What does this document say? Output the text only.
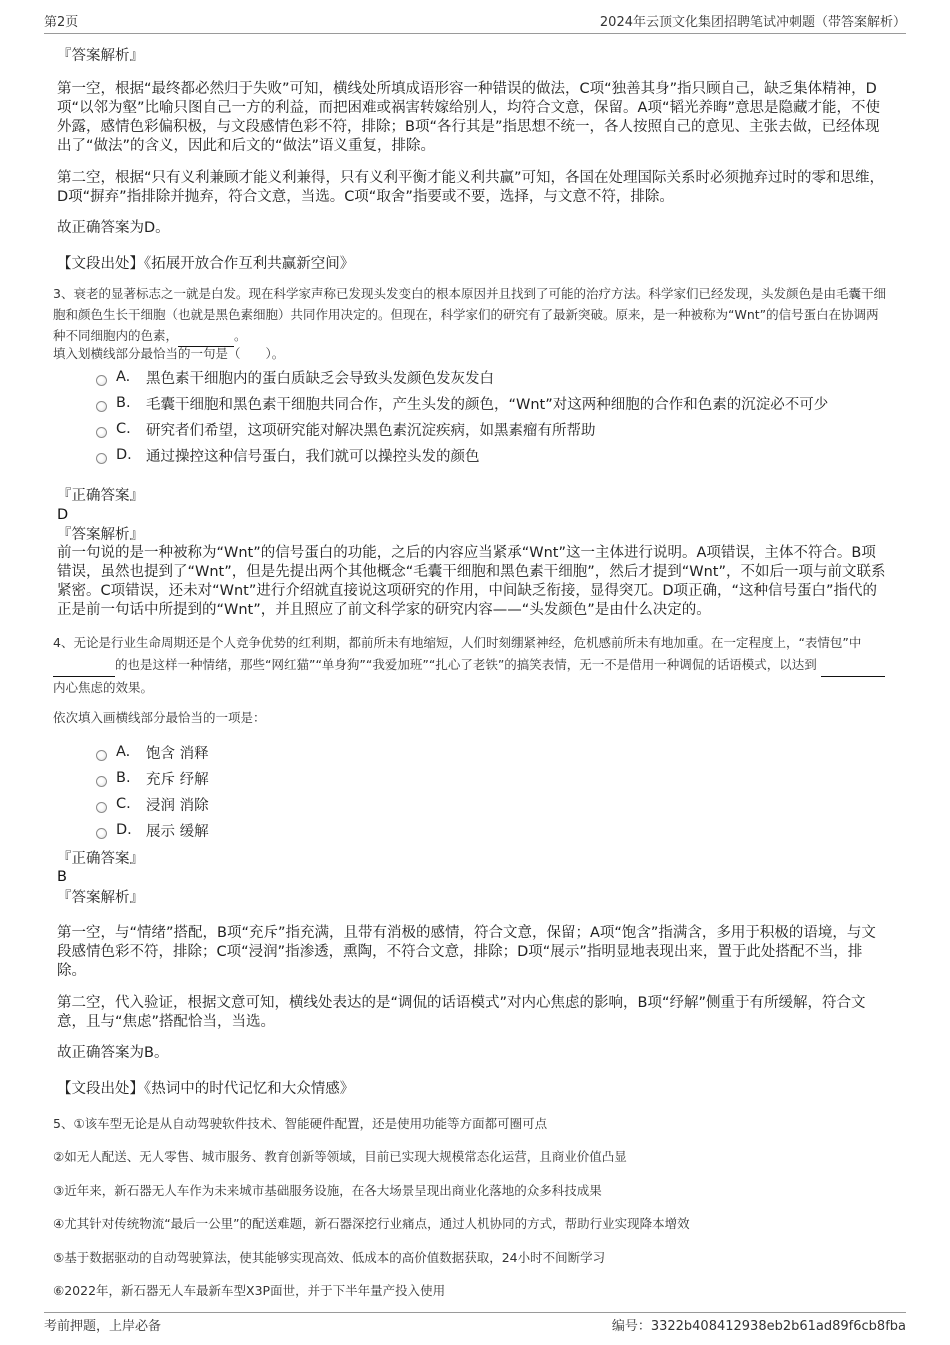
第2页	2024年云顶文化集团招聘笔试冲刺题（带答案解析）
『答案解析』
第一空，根据“最终都必然归于失败”可知，横线处所填成语形容一种错误的做法，C项“独善其身”指只顾自己，缺乏集体精神，D项“以邻为壑”比喻只图自己一方的利益，而把困难或祸害转嫁给别人，均符合文意，保留。A项“韬光养晦”意思是隐藏才能，不使外露，感情色彩偏积极，与文段感情色彩不符，排除；B项“各行其是”指思想不统一，各人按照自己的意见、主张去做，已经体现出了“做法”的含义，因此和后文的“做法”语义重复，排除。
第二空，根据“只有义利兼顾才能义利兼得，只有义利平衡才能义利共赢”可知，各国在处理国际关系时必须抛弃过时的零和思维，D项“摒弃”指排除并抛弃，符合文意，当选。C项“取舍”指要或不要，选择，与文意不符，排除。
故正确答案为D。
【文段出处】《拓展开放合作互利共赢新空间》
3、衰老的显著标志之一就是白发。现在科学家声称已发现头发变白的根本原因并且找到了可能的治疗方法。科学家们已经发现，头发颜色是由毛囊干细胞和颜色生长干细胞（也就是黑色素细胞）共同作用决定的。但现在，科学家们的研究有了最新突破。原来，是一种被称为“Wnt”的信号蛋白在协调两种不同细胞内的色素，	。
填入划横线部分最恰当的一句是（　　）。
A.	黑色素干细胞内的蛋白质缺乏会导致头发颜色发灰发白
B.	毛囊干细胞和黑色素干细胞共同合作，产生头发的颜色，“Wnt”对这两种细胞的合作和色素的沉淀必不可少
C.	研究者们希望，这项研究能对解决黑色素沉淀疾病，如黑素瘤有所帮助
D. 通过操控这种信号蛋白，我们就可以操控头发的颜色
『正确答案』
D
『答案解析』
前一句说的是一种被称为“Wnt”的信号蛋白的功能，之后的内容应当紧承“Wnt”这一主体进行说明。A项错误，主体不符合。B项错误，虽然也提到了“Wnt”，但是先提出两个其他概念“毛囊干细胞和黑色素干细胞”，然后才提到“Wnt”，不如后一项与前文联系紧密。C项错误，还未对“Wnt”进行介绍就直接说这项研究的作用，中间缺乏衔接，显得突兀。D项正确，“这种信号蛋白”指代的正是前一句话中所提到的“Wnt”，并且照应了前文科学家的研究内容——“头发颜色”是由什么决定的。
4、无论是行业生命周期还是个人竞争优势的红利期，都前所未有地缩短，人们时刻绷紧神经，危机感前所未有地加重。在一定程度上，“表情包”中  的也是这样一种情绪，那些“网红猫”“单身狗”“我爱加班”“扎心了老铁”的搞笑表情，无一不是借用一种调侃的话语模式，以达到  内心焦虑的效果。
依次填入画横线部分最恰当的一项是：
A.	饱含 消释
B.	充斥 纾解
C.	浸润 消除
D. 展示 缓解
『正确答案』
B
『答案解析』
第一空，与“情绪”搭配，B项“充斥”指充满，且带有消极的感情，符合文意，保留；A项“饱含”指满含，多用于积极的语境，与文段感情色彩不符，排除；C项“浸润”指渗透，熏陶，不符合文意，排除；D项“展示”指明显地表现出来，置于此处搭配不当，排除。
第二空，代入验证，根据文意可知，横线处表达的是“调侃的话语模式”对内心焦虑的影响，B项“纾解”侧重于有所缓解，符合文意，且与“焦虑”搭配恰当，当选。
故正确答案为B。
【文段出处】《热词中的时代记忆和大众情感》
5、①该车型无论是从自动驾驶软件技术、智能硬件配置，还是使用功能等方面都可圈可点
②如无人配送、无人零售、城市服务、教育创新等领域，目前已实现大规模常态化运营，且商业价值凸显
③近年来，新石器无人车作为未来城市基础服务设施，在各大场景呈现出商业化落地的众多科技成果
④尤其针对传统物流“最后一公里”的配送难题，新石器深挖行业痛点，通过人机协同的方式，帮助行业实现降本增效
⑤基于数据驱动的自动驾驶算法，使其能够实现高效、低成本的高价值数据获取，24小时不间断学习
⑥2022年，新石器无人车最新车型X3P面世，并于下半年量产投入使用
考前押题，上岸必备	编号：3322b408412938eb2b61ad89f6cb8fba
